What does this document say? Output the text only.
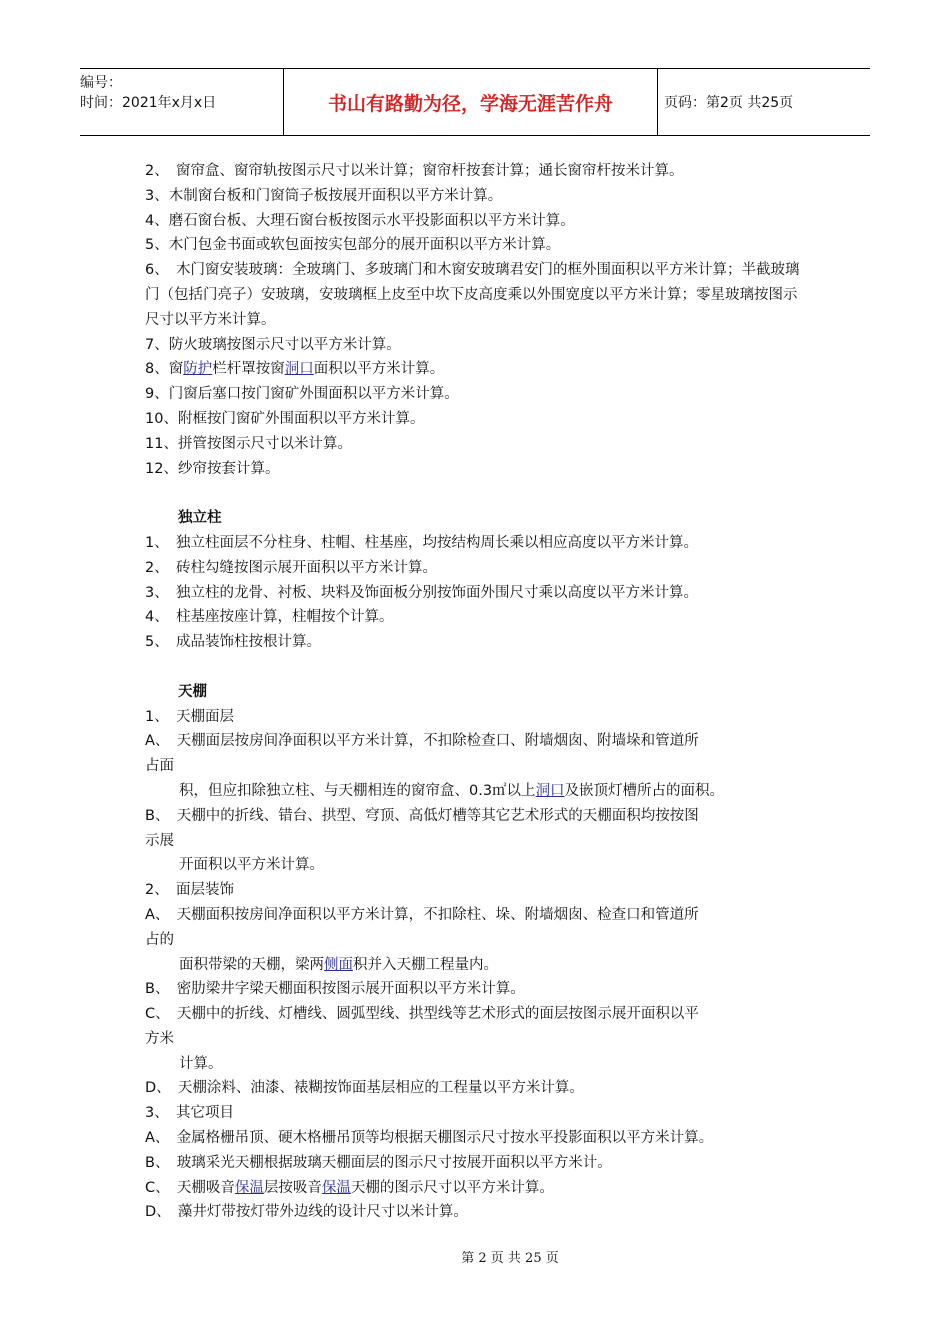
编号：
时间：2021年x月x日	书山有路勤为径，学海无涯苦作舟	页码：第2页 共25页
2、　窗帘盒、窗帘轨按图示尺寸以米计算；窗帘杆按套计算；通长窗帘杆按米计算。
3、木制窗台板和门窗筒子板按展开面积以平方米计算。
4、磨石窗台板、大理石窗台板按图示水平投影面积以平方米计算。
5、木门包金书面或软包面按实包部分的展开面积以平方米计算。
6、　木门窗安装玻璃：全玻璃门、多玻璃门和木窗安玻璃君安门的框外围面积以平方米计算；半截玻璃门（包括门亮子）安玻璃，安玻璃框上皮至中坎下皮高度乘以外围宽度以平方米计算；零星玻璃按图示尺寸以平方米计算。
7、防火玻璃按图示尺寸以平方米计算。
8、窗防护栏杆罩按窗洞口面积以平方米计算。
9、门窗后塞口按门窗矿外围面积以平方米计算。
10、附框按门窗矿外围面积以平方米计算。
11、拼管按图示尺寸以米计算。
12、纱帘按套计算。
独立柱
1、　独立柱面层不分柱身、柱帽、柱基座，均按结构周长乘以相应高度以平方米计算。
2、　砖柱勾缝按图示展开面积以平方米计算。
3、　独立柱的龙骨、衬板、块料及饰面板分别按饰面外围尺寸乘以高度以平方米计算。
4、　柱基座按座计算，柱帽按个计算。
5、　成品装饰柱按根计算。
天棚
1、　天棚面层
A、　天棚面层按房间净面积以平方米计算，不扣除检查口、附墙烟囱、附墙垛和管道所
占面
积，但应扣除独立柱、与天棚相连的窗帘盒、0.3㎡以上洞口及嵌顶灯槽所占的面积。
B、　天棚中的折线、错台、拱型、穹顶、高低灯槽等其它艺术形式的天棚面积均按按图
示展
开面积以平方米计算。
2、　面层装饰
A、　天棚面积按房间净面积以平方米计算，不扣除柱、垛、附墙烟囱、检查口和管道所
占的
面积带梁的天棚，梁两侧面积并入天棚工程量内。
B、　密肋梁井字梁天棚面积按图示展开面积以平方米计算。
C、　天棚中的折线、灯槽线、圆弧型线、拱型线等艺术形式的面层按图示展开面积以平
方米
计算。
D、　天棚涂料、油漆、裱糊按饰面基层相应的工程量以平方米计算。
3、　其它项目
A、　金属格栅吊顶、硬木格栅吊顶等均根据天棚图示尺寸按水平投影面积以平方米计算。
B、　玻璃采光天棚根据玻璃天棚面层的图示尺寸按展开面积以平方米计。
C、　天棚吸音保温层按吸音保温天棚的图示尺寸以平方米计算。
D、　藻井灯带按灯带外边线的设计尺寸以米计算。
第 2 页 共 25 页
